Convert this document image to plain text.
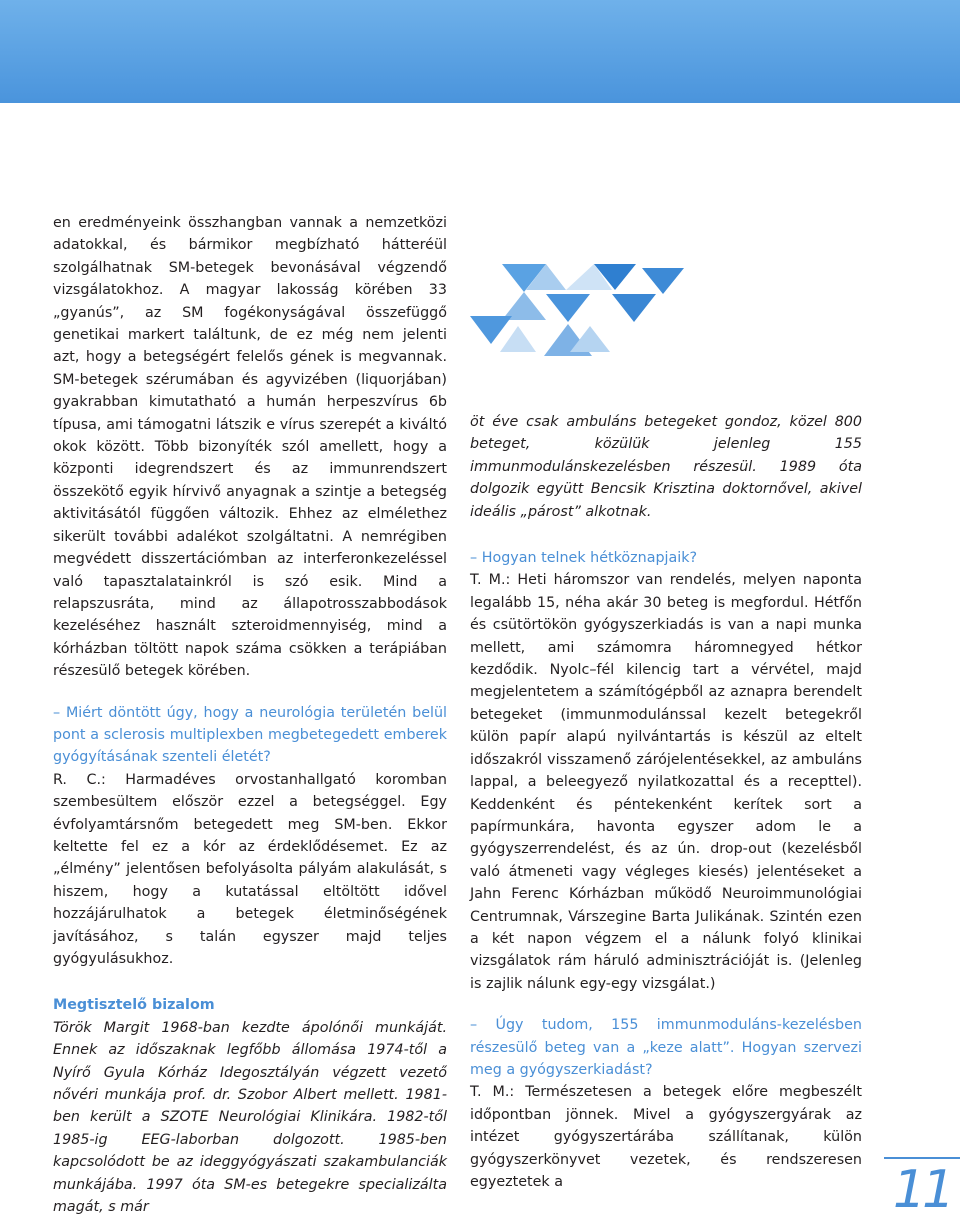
en eredményeink összhangban vannak a nemzetközi adatokkal, és bármikor megbízható hátteréül szolgálhatnak SM-betegek bevonásával végzendő vizsgálatokhoz. A magyar lakosság körében 33 „gyanús”, az SM fogékonyságával összefüggő genetikai markert találtunk, de ez még nem jelenti azt, hogy a betegségért felelős gének is megvannak. SM-betegek szérumában és agyvizében (liquorjában) gyakrabban kimutatható a humán herpeszvírus 6b típusa, ami támogatni látszik e vírus szerepét a kiváltó okok között. Több bizonyíték szól amellett, hogy a központi idegrendszert és az immunrendszert összekötő egyik hírvivő anyagnak a szintje a betegség aktivitásától függően változik. Ehhez az elmélethez sikerült további adalékot szolgáltatni. A nemrégiben megvédett disszertációmban az interferonkezeléssel való tapasztalatainkról is szó esik. Mind a relapszusráta, mind az állapotrosszabbodások kezeléséhez használt szteroidmennyiség, mind a kórházban töltött napok száma csökken a terápiában részesülő betegek körében.

– Miért döntött úgy, hogy a neurológia területén belül pont a sclerosis multiplexben megbetegedett emberek gyógyításának szenteli életét?

R. C.: Harmadéves orvostanhallgató koromban szembesültem először ezzel a betegséggel. Egy évfolyamtársnőm betegedett meg SM-ben. Ekkor keltette fel ez a kór az érdeklődésemet. Ez az „élmény” jelentősen befolyásolta pályám alakulását, s hiszem, hogy a kutatással eltöltött idővel hozzájárulhatok a betegek életminőségének javításához, s talán egyszer majd teljes gyógyulásukhoz.

Megtisztelő bizalom

Török Margit 1968-ban kezdte ápolónői munkáját. Ennek az időszaknak legfőbb állomása 1974-től a Nyírő Gyula Kórház Idegosztályán végzett vezető nővéri munkája prof. dr. Szobor Albert mellett. 1981-ben került a SZOTE Neurológiai Klinikára. 1982-től 1985-ig EEG-laborban dolgozott. 1985-ben kapcsolódott be az ideggyógyászati szakambulanciák munkájába. 1997 óta SM-es betegekre specializálta magát, s már

öt éve csak ambuláns betegeket gondoz, közel 800 beteget, közülük jelenleg 155 immunmodulánskezelésben részesül. 1989 óta dolgozik együtt Bencsik Krisztina doktornővel, akivel ideális „párost” alkotnak.

– Hogyan telnek hétköznapjaik?

T. M.: Heti háromszor van rendelés, melyen naponta legalább 15, néha akár 30 beteg is megfordul. Hétfőn és csütörtökön gyógyszerkiadás is van a napi munka mellett, ami számomra háromnegyed hétkor kezdődik. Nyolc–fél kilencig tart a vérvétel, majd megjelentetem a számítógépből az aznapra berendelt betegeket (immunmodulánssal kezelt betegekről külön papír alapú nyilvántartás is készül az eltelt időszakról visszamenő zárójelentésekkel, az ambuláns lappal, a beleegyező nyilatkozattal és a recepttel). Keddenként és péntekenként kerítek sort a papírmunkára, havonta egyszer adom le a gyógyszerrendelést, és az ún. drop-out (kezelésből való átmeneti vagy végleges kiesés) jelentéseket a Jahn Ferenc Kórházban működő Neuroimmunológiai Centrumnak, Várszegine Barta Julikának. Szintén ezen a két napon végzem el a nálunk folyó klinikai vizsgálatok rám háruló adminisztrációját is. (Jelenleg is zajlik nálunk egy-egy vizsgálat.)

– Úgy tudom, 155 immunmoduláns-kezelésben részesülő beteg van a „keze alatt”. Hogyan szervezi meg a gyógyszerkiadást?

T. M.: Természetesen a betegek előre megbeszélt időpontban jönnek. Mivel a gyógyszergyárak az intézet gyógyszertárába szállítanak, külön gyógyszerkönyvet vezetek, és rendszeresen egyeztetek a	11
